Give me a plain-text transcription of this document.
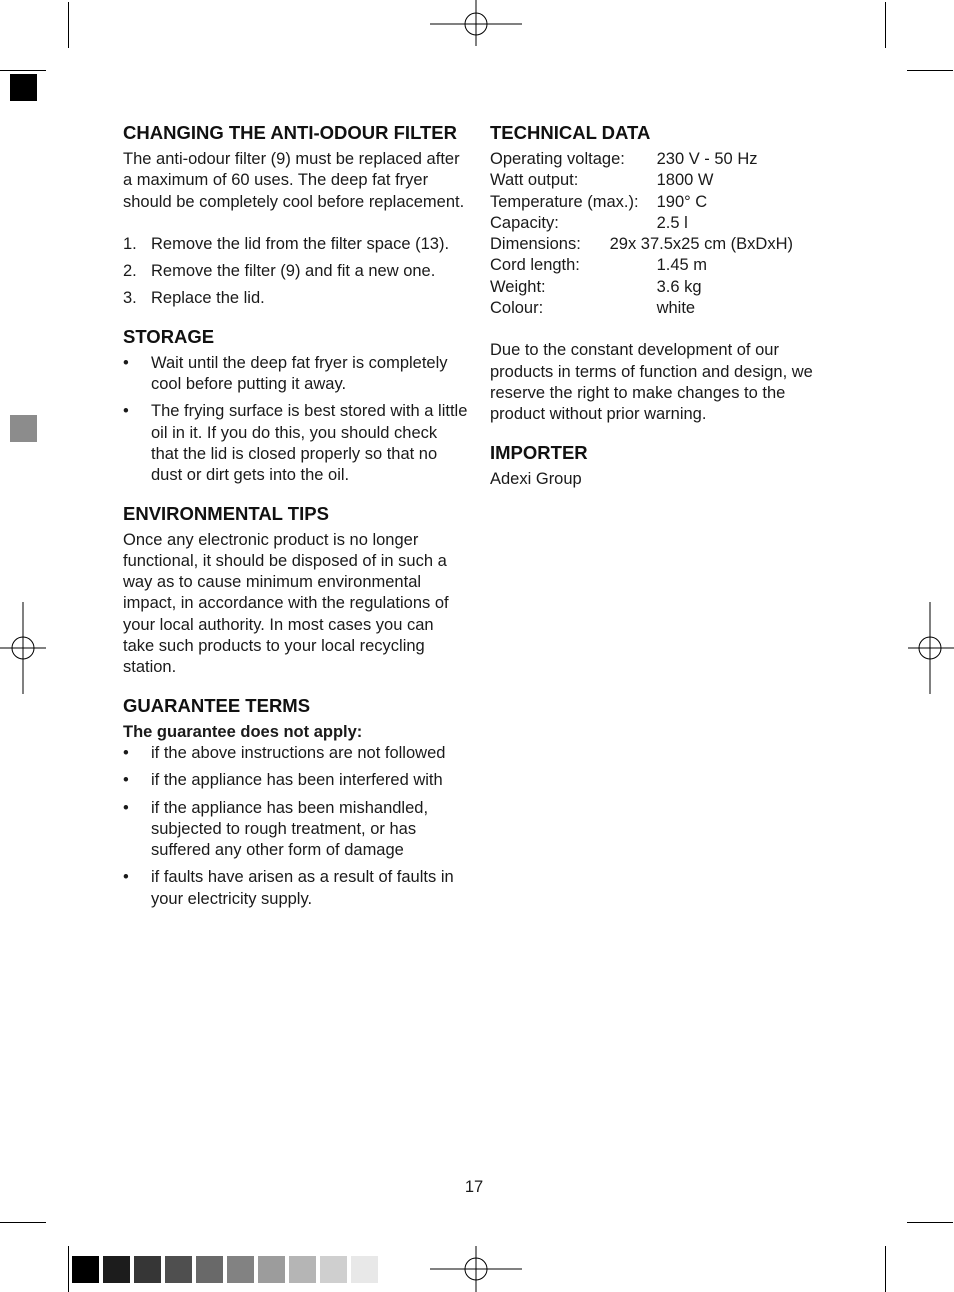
CHANGING THE ANTI-ODOUR FILTER

The anti-odour filter (9) must be replaced after a maximum of 60 uses. The deep fat fryer should be completely cool before replacement.

1. Remove the lid from the filter space (13).
2. Remove the filter (9) and fit a new one.
3. Replace the lid.
STORAGE
• Wait until the deep fat fryer is completely cool before putting it away.
• The frying surface is best stored with a little oil in it. If you do this, you should check that the lid is closed properly so that no dust or dirt gets into the oil.
ENVIRONMENTAL TIPS

Once any electronic product is no longer functional, it should be disposed of in such a way as to cause minimum environmental impact, in accordance with the regulations of your local authority. In most cases you can take such products to your local recycling station.

GUARANTEE TERMS

The guarantee does not apply:

• if the above instructions are not followed
• if the appliance has been interfered with
• if the appliance has been mishandled, subjected to rough treatment, or has suffered any other form of damage
• if faults have arisen as a result of faults in your electricity supply.
TECHNICAL DATA
Operating voltage:	230 V - 50 Hz
Watt output:	1800 W
Temperature (max.):	190° C
Capacity:	2.5 l
Dimensions:	29x 37.5x25 cm (BxDxH)
Cord length:	1.45 m
Weight:	3.6 kg
Colour:	white

Due to the constant development of our products in terms of function and design, we reserve the right to make changes to the product without prior warning.

IMPORTER

Adexi Group

17
